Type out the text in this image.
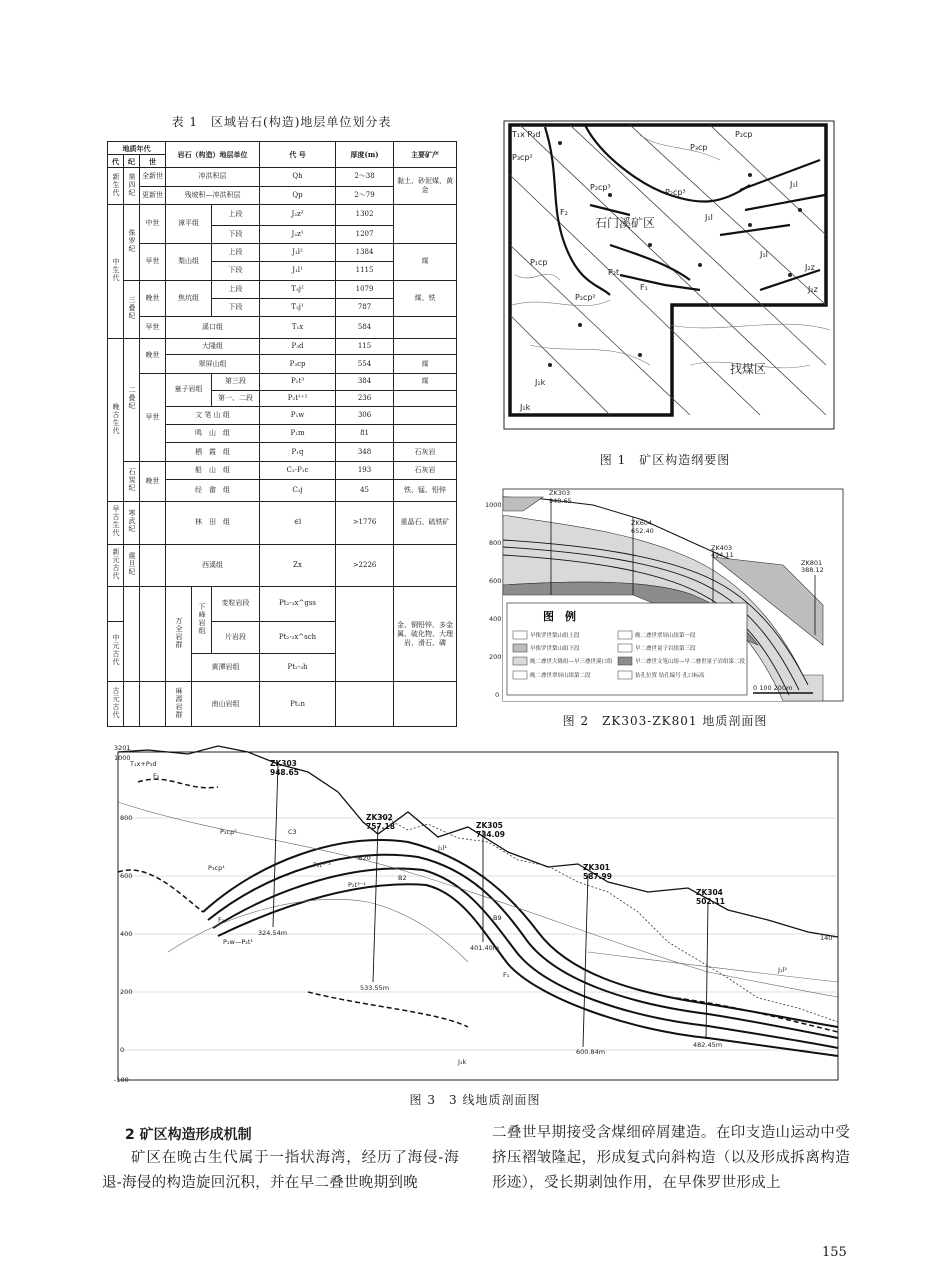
表 1　区域岩石(构造)地层单位划分表
地质年代			岩石（构造）地层单位			代 号	厚度(m)	主要矿产
代	纪	世						
新生代	第四纪	全新世	冲洪积层			Qh	2～38	黏土、砂泥煤、黄金
		更新世	残坡积—冲洪积层			Qp	2～79	
中生代	侏罗纪	中世	漳平组		上段	J₂z²	1302	
					下段	J₂z¹	1207	
		早世	梨山组		上段	J₁l²	1384	煤
					下段	J₁l¹	1115	
	三叠纪	晚世	焦坑组		上段	T₃j²	1079	煤、铁
					下段	T₃j¹	787	
		早世	溪口组			T₁x	584	
晚古生代	二叠纪	晚世	大隆组			P₃d	115	
			翠屏山组			P₃cp	554	煤
		早世	童子岩组		第三段	P₂t³	384	煤
					第一、二段	P₂t¹⁺²	236	
			文 笔 山 组			P₁w	306	
			鸣　山　组			P₁m	81	
			栖　霞　组			P₁q	348	石灰岩
	石炭纪	晚世	船　山　组			C₂-P₁c	193	石灰岩
			经　畲　组			C₂j	45	铁、锰、铅锌
早古生代	寒武纪		林　田　组			∈l	>1776	重晶石、硫铁矿
新元古代	震旦纪		西溪组			Zx	>2226	
			万全岩群	下峰岩组	变粒岩段	Pt₂-₃x^gss		金、铜铅锌、多金属、硫化物、大理岩、滑石、磷
中元古代					片岩段	Pt₂-₃x^sch		
				黄潭岩组		Pt₂-₃h		
古元古代			麻源岩群	南山岩组		Pt₁n		
T₁x P₃d
P₃cp²
P₃cp
P₂cp
P₂cp³
P₂cp³
J₁l
J₁l
J₂z
J₂z
J₁l
P₂cp²
P₂t
P₁cp
F₂
F₁
J₁k
J₁k
石门溪矿区
找煤区
图 1　矿区构造纲要图
1000
800
600
400
200
0
ZK303
948.65
ZK604
652.40
ZK403
494.11
ZK801
388.12
图　例
早侏罗世梨山组上段
早侏罗世梨山组下段
晚二叠世大隆组—早三叠世溪口组
晚二叠世翠屏山组第二段
晚二叠世翠屏山组第一段
早二叠世童子岩组第三段
早二叠世文笔山组—早二叠世童子岩组第二段
钻孔位置 钻孔编号 孔口标高
0 100 200m
图 2　ZK303-ZK801 地质剖面图
3201
1000
800
600
400
200
0
-100
ZK303
948.65
ZK302
757.18	ZK305
734.09
ZK301
587.99
ZK304
502.11
324.54m
533.55m
401.40m
600.84m
482.45m
T₁x+P₃d
F₂
F₁
F₁
C3
B20
B2
B9
P₃cp²
P₃cp¹	P₂t³⁻³
P₂t³⁻¹
J₁l¹
J₁l²
P₁w—P₂t¹
J₁k
140°
图 3　3 线地质剖面图
2 矿区构造形成机制
矿区在晚古生代属于一指状海湾，经历了海侵-海退-海侵的构造旋回沉积，并在早二叠世晚期到晚
二叠世早期接受含煤细碎屑建造。在印支造山运动中受挤压褶皱隆起，形成复式向斜构造（以及形成拆离构造形迹），受长期剥蚀作用，在早侏罗世形成上
155
